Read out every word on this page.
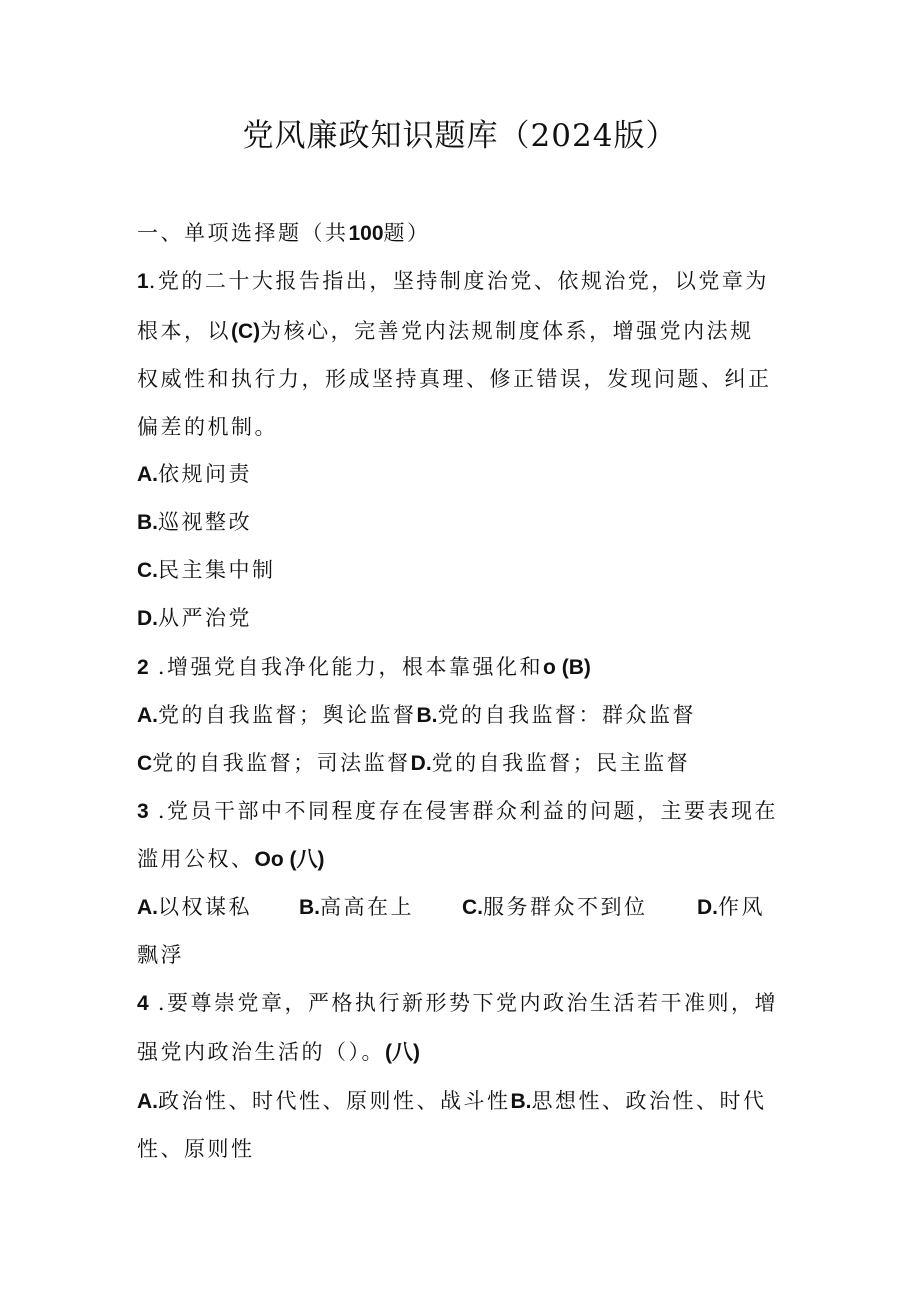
党风廉政知识题库（2024版）
一、单项选择题（共100题）
1.党的二十大报告指出，坚持制度治党、依规治党，以党章为
根本，以(C)为核心，完善党内法规制度体系，增强党内法规
权威性和执行力，形成坚持真理、修正错误，发现问题、纠正
偏差的机制。
A.依规问责
B.巡视整改
C.民主集中制
D.从严治党
2 .增强党自我净化能力，根本靠强化和o (B)
A.党的自我监督；舆论监督B.党的自我监督：群众监督
C党的自我监督；司法监督D.党的自我监督；民主监督
3 .党员干部中不同程度存在侵害群众利益的问题，主要表现在
滥用公权、Oo (八)
A.以权谋私 B.高高在上 C.服务群众不到位 D.作风
飘浮
4 .要尊崇党章，严格执行新形势下党内政治生活若干准则，增
强党内政治生活的（）。(八)
A.政治性、时代性、原则性、战斗性B.思想性、政治性、时代
性、原则性
